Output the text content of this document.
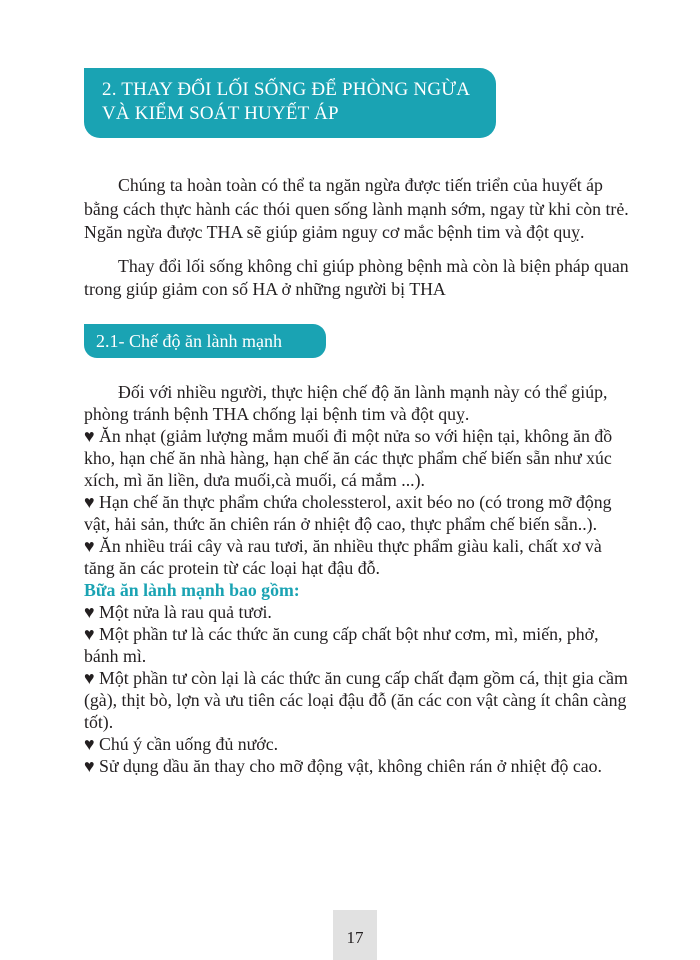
2. THAY ĐỔI LỐI SỐNG ĐỂ PHÒNG NGỪA
VÀ KIỂM SOÁT HUYẾT ÁP

Chúng ta hoàn toàn có thể ta ngăn ngừa được tiến triển của huyết áp bằng cách thực hành các thói quen sống lành mạnh sớm, ngay từ khi còn trẻ. Ngăn ngừa được THA sẽ giúp giảm nguy cơ mắc bệnh tim và đột quỵ.

Thay đổi lối sống không chỉ giúp phòng bệnh mà còn là biện pháp quan trong giúp giảm con số HA ở những người bị THA

2.1- Chế độ ăn lành mạnh

Đối với nhiều người, thực hiện chế độ ăn lành mạnh này có thể giúp, phòng tránh bệnh THA chống lại bệnh tim và đột quỵ.

♥ Ăn nhạt (giảm lượng mắm muối đi một nửa so với hiện tại, không ăn đồ kho, hạn chế ăn nhà hàng, hạn chế ăn các thực phẩm chế biến sẵn như xúc xích, mì ăn liền, dưa muối,cà muối, cá mắm ...).

♥ Hạn chế ăn thực phẩm chứa cholessterol, axit béo no (có trong mỡ động vật, hải sản, thức ăn chiên rán ở nhiệt độ cao, thực phẩm chế biến sẵn..).

♥ Ăn nhiều trái cây và rau tươi, ăn nhiều thực phẩm giàu kali, chất xơ và tăng ăn các protein từ các loại hạt đậu đỗ.

Bữa ăn lành mạnh bao gồm:

♥ Một nửa là rau quả tươi.

♥ Một phần tư là các thức ăn cung cấp chất bột như cơm, mì, miến, phở, bánh mì.

♥ Một phần tư còn lại là các thức ăn cung cấp chất đạm gồm cá, thịt gia cầm (gà), thịt bò, lợn và ưu tiên các loại đậu đỗ (ăn các con vật càng ít chân càng tốt).

♥ Chú ý cần uống đủ nước.

♥ Sử dụng dầu ăn thay cho mỡ động vật, không chiên rán ở nhiệt độ cao.

17
